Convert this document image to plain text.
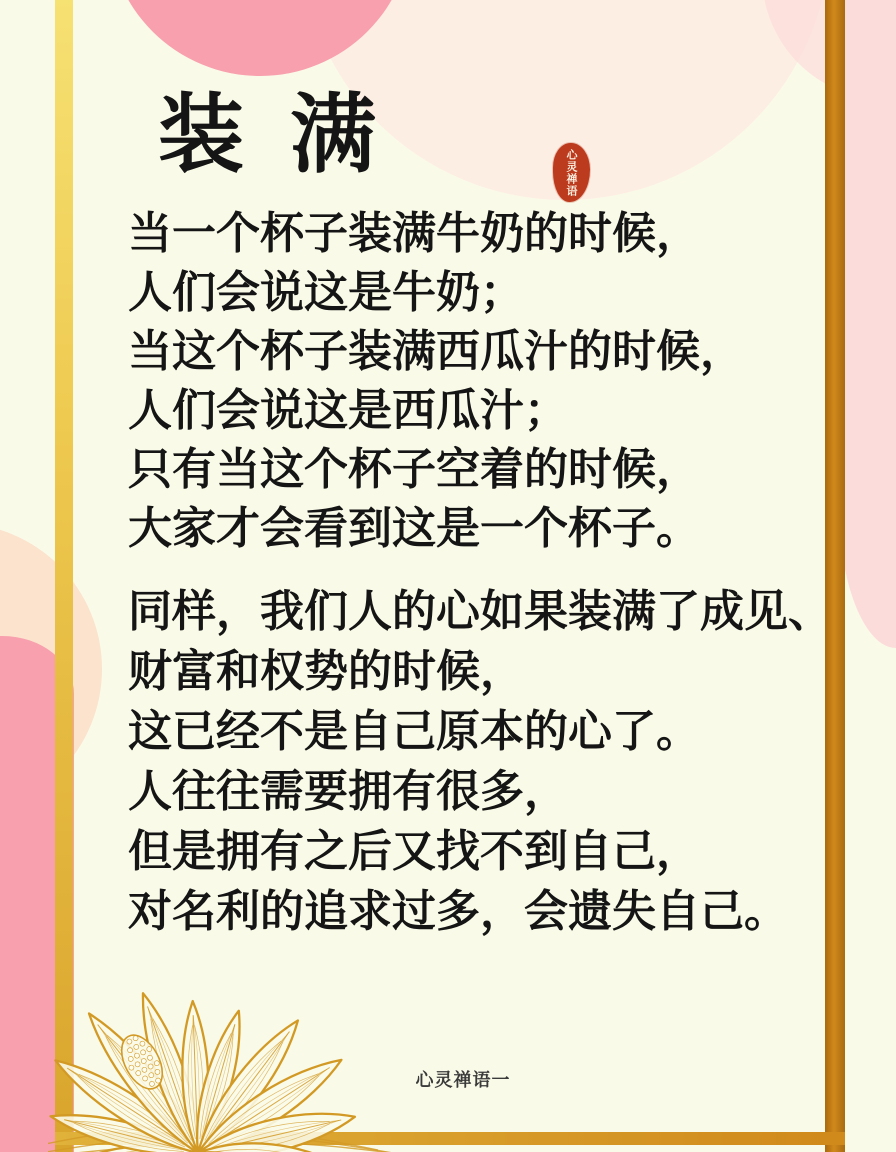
装 满	心灵禅语
当一个杯子装满牛奶的时候，
人们会说这是牛奶；
当这个杯子装满西瓜汁的时候，
人们会说这是西瓜汁；
只有当这个杯子空着的时候，
大家才会看到这是一个杯子。
同样，我们人的心如果装满了成见、
财富和权势的时候，
这已经不是自己原本的心了。
人往往需要拥有很多，
但是拥有之后又找不到自己，
对名利的追求过多，会遗失自己。
心灵禅语一
